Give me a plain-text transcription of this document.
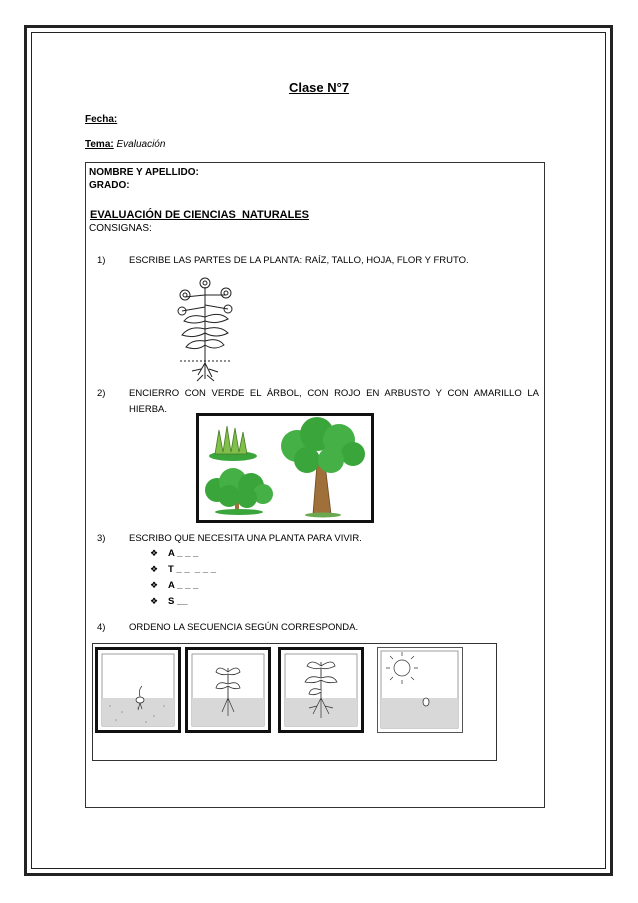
Clase N°7
Fecha:
Tema: Evaluación
NOMBRE Y APELLIDO:
GRADO:
EVALUACIÓN DE CIENCIAS  NATURALES
CONSIGNAS:
1) ESCRIBE LAS PARTES DE LA PLANTA: RAÍZ, TALLO, HOJA, FLOR Y FRUTO.
2) ENCIERRO CON VERDE EL ÁRBOL, CON ROJO EN ARBUSTO Y CON AMARILLO LA
HIERBA.
3) ESCRIBO QUE NECESITA UNA PLANTA PARA VIVIR.
❖ A _ _ _
❖ T _ _  _ _ _
❖ A _ _ _
❖ S __
4) ORDENO LA SECUENCIA SEGÚN CORRESPONDA.
